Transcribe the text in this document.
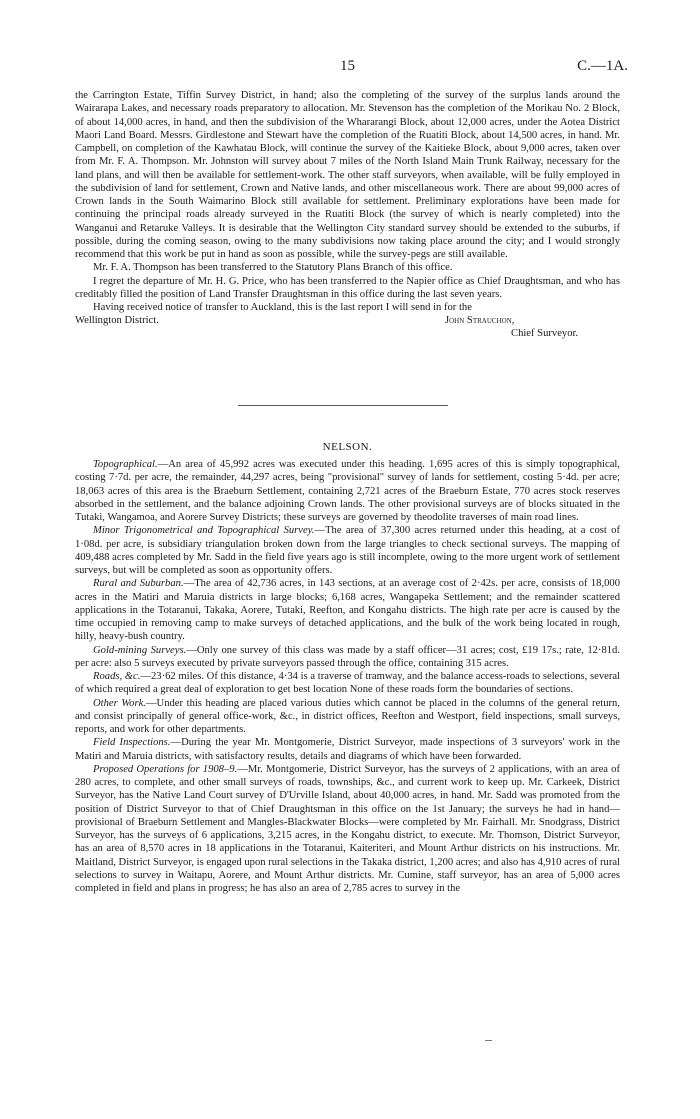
15	C.—1A.

the Carrington Estate, Tiffin Survey District, in hand; also the completing of the survey of the surplus lands around the Wairarapa Lakes, and necessary roads preparatory to allocation. Mr. Stevenson has the completion of the Morikau No. 2 Block, of about 14,000 acres, in hand, and then the subdivision of the Whararangi Block, about 12,000 acres, under the Aotea District Maori Land Board. Messrs. Girdlestone and Stewart have the completion of the Ruatiti Block, about 14,500 acres, in hand. Mr. Campbell, on completion of the Kawhatau Block, will continue the survey of the Kaitieke Block, about 9,000 acres, taken over from Mr. F. A. Thompson. Mr. Johnston will survey about 7 miles of the North Island Main Trunk Railway, necessary for the land plans, and will then be available for settlement-work. The other staff surveyors, when available, will be fully employed in the subdivision of land for settlement, Crown and Native lands, and other miscellaneous work. There are about 99,000 acres of Crown lands in the South Waimarino Block still available for settlement. Preliminary explorations have been made for continuing the principal roads already surveyed in the Ruatiti Block (the survey of which is nearly completed) into the Wanganui and Retaruke Valleys. It is desirable that the Wellington City standard survey should be extended to the suburbs, if possible, during the coming season, owing to the many subdivisions now taking place around the city; and I would strongly recommend that this work be put in hand as soon as possible, while the survey-pegs are still available.

Mr. F. A. Thompson has been transferred to the Statutory Plans Branch of this office.

I regret the departure of Mr. H. G. Price, who has been transferred to the Napier office as Chief Draughtsman, and who has creditably filled the position of Land Transfer Draughtsman in this office during the last seven years.

Having received notice of transfer to Auckland, this is the last report I will send in for the

Wellington District.	John Strauchon,
Chief Surveyor.
NELSON.

Topographical.—An area of 45,992 acres was executed under this heading. 1,695 acres of this is simply topographical, costing 7·7d. per acre, the remainder, 44,297 acres, being "provisional" survey of lands for settlement, costing 5·4d. per acre; 18,063 acres of this area is the Braeburn Settlement, containing 2,721 acres of the Braeburn Estate, 770 acres stock reserves absorbed in the settlement, and the balance adjoining Crown lands. The other provisional surveys are of blocks situated in the Tutaki, Wangamoa, and Aorere Survey Districts; these surveys are governed by theodolite traverses of main road lines.

Minor Trigonometrical and Topographical Survey.—The area of 37,300 acres returned under this heading, at a cost of 1·08d. per acre, is subsidiary triangulation broken down from the large triangles to check sectional surveys. The mapping of 409,488 acres completed by Mr. Sadd in the field five years ago is still incomplete, owing to the more urgent work of settlement surveys, but will be completed as soon as opportunity offers.

Rural and Suburban.—The area of 42,736 acres, in 143 sections, at an average cost of 2·42s. per acre, consists of 18,000 acres in the Matiri and Maruia districts in large blocks; 6,168 acres, Wangapeka Settlement; and the remainder scattered applications in the Totaranui, Takaka, Aorere, Tutaki, Reefton, and Kongahu districts. The high rate per acre is caused by the time occupied in removing camp to make surveys of detached applications, and the bulk of the work being located in rough, hilly, heavy-bush country.

Gold-mining Surveys.—Only one survey of this class was made by a staff officer—31 acres; cost, £19 17s.; rate, 12·81d. per acre: also 5 surveys executed by private surveyors passed through the office, containing 315 acres.

Roads, &c.—23·62 miles. Of this distance, 4·34 is a traverse of tramway, and the balance access-roads to selections, several of which required a great deal of exploration to get best location None of these roads form the boundaries of sections.

Other Work.—Under this heading are placed various duties which cannot be placed in the columns of the general return, and consist principally of general office-work, &c., in district offices, Reefton and Westport, field inspections, small surveys, reports, and work for other departments.

Field Inspections.—During the year Mr. Montgomerie, District Surveyor, made inspections of 3 surveyors' work in the Matiri and Maruia districts, with satisfactory results, details and diagrams of which have been forwarded.

Proposed Operations for 1908–9.—Mr. Montgomerie, District Surveyor, has the surveys of 2 applications, with an area of 280 acres, to complete, and other small surveys of roads, townships, &c., and current work to keep up. Mr. Carkeek, District Surveyor, has the Native Land Court survey of D'Urville Island, about 40,000 acres, in hand. Mr. Sadd was promoted from the position of District Surveyor to that of Chief Draughtsman in this office on the 1st January; the surveys he had in hand—provisional of Braeburn Settlement and Mangles-Blackwater Blocks—were completed by Mr. Fairhall. Mr. Snodgrass, District Surveyor, has the surveys of 6 applications, 3,215 acres, in the Kongahu district, to execute. Mr. Thomson, District Surveyor, has an area of 8,570 acres in 18 applications in the Totaranui, Kaiteriteri, and Mount Arthur districts on his instructions. Mr. Maitland, District Surveyor, is engaged upon rural selections in the Takaka district, 1,200 acres; and also has 4,910 acres of rural selections to survey in Waitapu, Aorere, and Mount Arthur districts. Mr. Cumine, staff surveyor, has an area of 5,000 acres completed in field and plans in progress; he has also an area of 2,785 acres to survey in the
